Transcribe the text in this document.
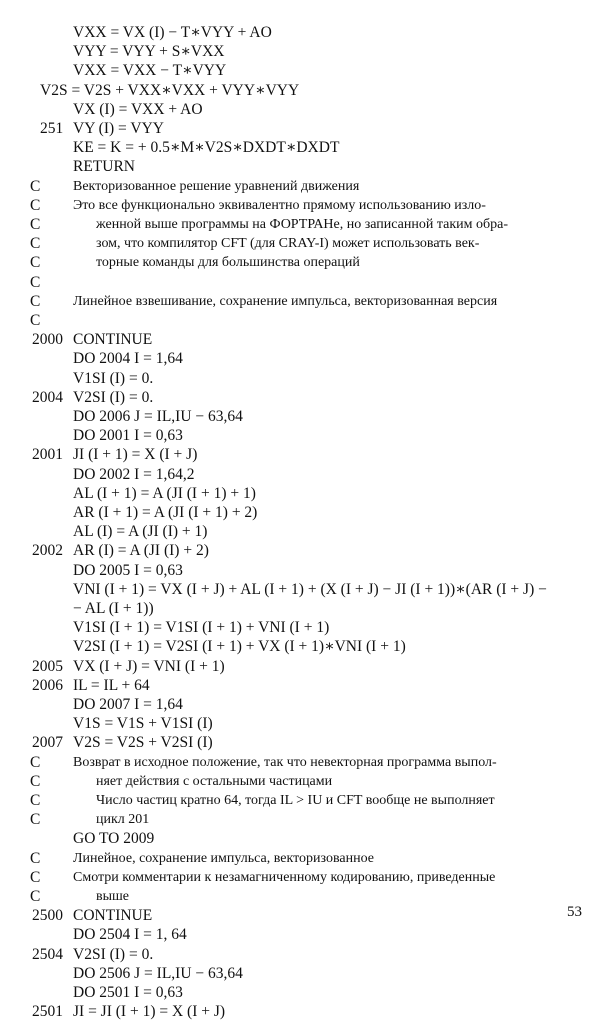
VXX = VX (I) − T∗VYY + AO
VYY = VYY + S∗VXX
VXX = VXX − T∗VYY
V2S = V2S + VXX∗VXX + VYY∗VYY
VX (I) = VXX + AO
251 VY (I) = VYY
KE = K = + 0.5∗M∗V2S∗DXDT∗DXDT
RETURN
C Векторизованное решение уравнений движения
C Это все функционально эквивалентно прямому использованию изло-
C	женной выше программы на ФОРТРАНе, но записанной таким обра-
C	зом, что компилятор CFT (для CRAY-I) может использовать век-
C	торные команды для большинства операций
C
C Линейное взвешивание, сохранение импульса, векторизованная версия
C
2000 CONTINUE
DO 2004 I = 1,64
V1SI (I) = 0.
2004 V2SI (I) = 0.
DO 2006 J = IL,IU − 63,64
DO 2001 I = 0,63
2001 JI (I + 1) = X (I + J)
DO 2002 I = 1,64,2
AL (I + 1) = A (JI (I + 1) + 1)
AR (I + 1) = A (JI (I + 1) + 2)
AL (I) = A (JI (I) + 1)
2002 AR (I) = A (JI (I) + 2)
DO 2005 I = 0,63
VNI (I + 1) = VX (I + J) + AL (I + 1) + (X (I + J) − JI (I + 1))∗(AR (I + J) −
− AL (I + 1))
V1SI (I + 1) = V1SI (I + 1) + VNI (I + 1)
V2SI (I + 1) = V2SI (I + 1) + VX (I + 1)∗VNI (I + 1)
2005 VX (I + J) = VNI (I + 1)
2006 IL = IL + 64
DO 2007 I = 1,64
V1S = V1S + V1SI (I)
2007 V2S = V2S + V2SI (I)
C Возврат в исходное положение, так что невекторная программа выпол-
C	няет действия с остальными частицами
C	Число частиц кратно 64, тогда IL > IU и CFT вообще не выполняет
C	цикл 201
GO TO 2009
C Линейное, сохранение импульса, векторизованное
C Смотри комментарии к незамагниченному кодированию, приведенные
C	выше
2500 CONTINUE
DO 2504 I = 1, 64
2504 V2SI (I) = 0.
DO 2506 J = IL,IU − 63,64
DO 2501 I = 0,63
2501 JI = JI (I + 1) = X (I + J)
53
